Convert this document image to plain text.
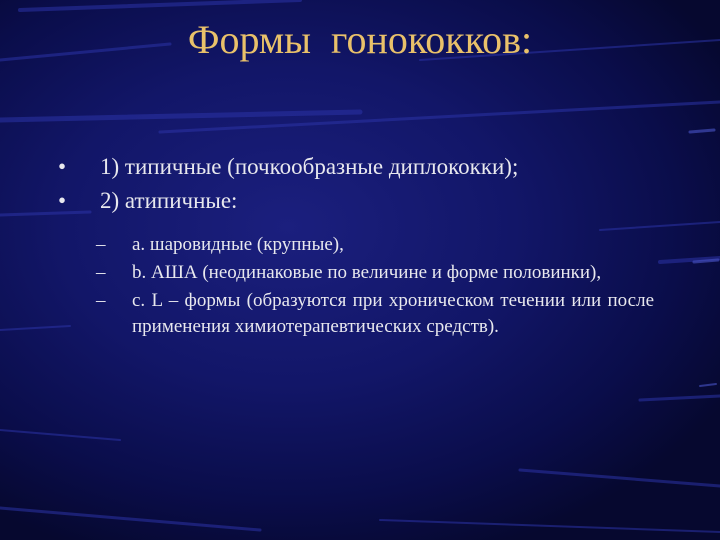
Формы  гонококков:
• 1) типичные (почкообразные диплококки);
• 2) атипичные:
– a. шаровидные (крупные),
– b. АША (неодинаковые по величине и форме половинки),
– c. L – формы (образуются при хроническом течении или после применения химиотерапевтических средств).
